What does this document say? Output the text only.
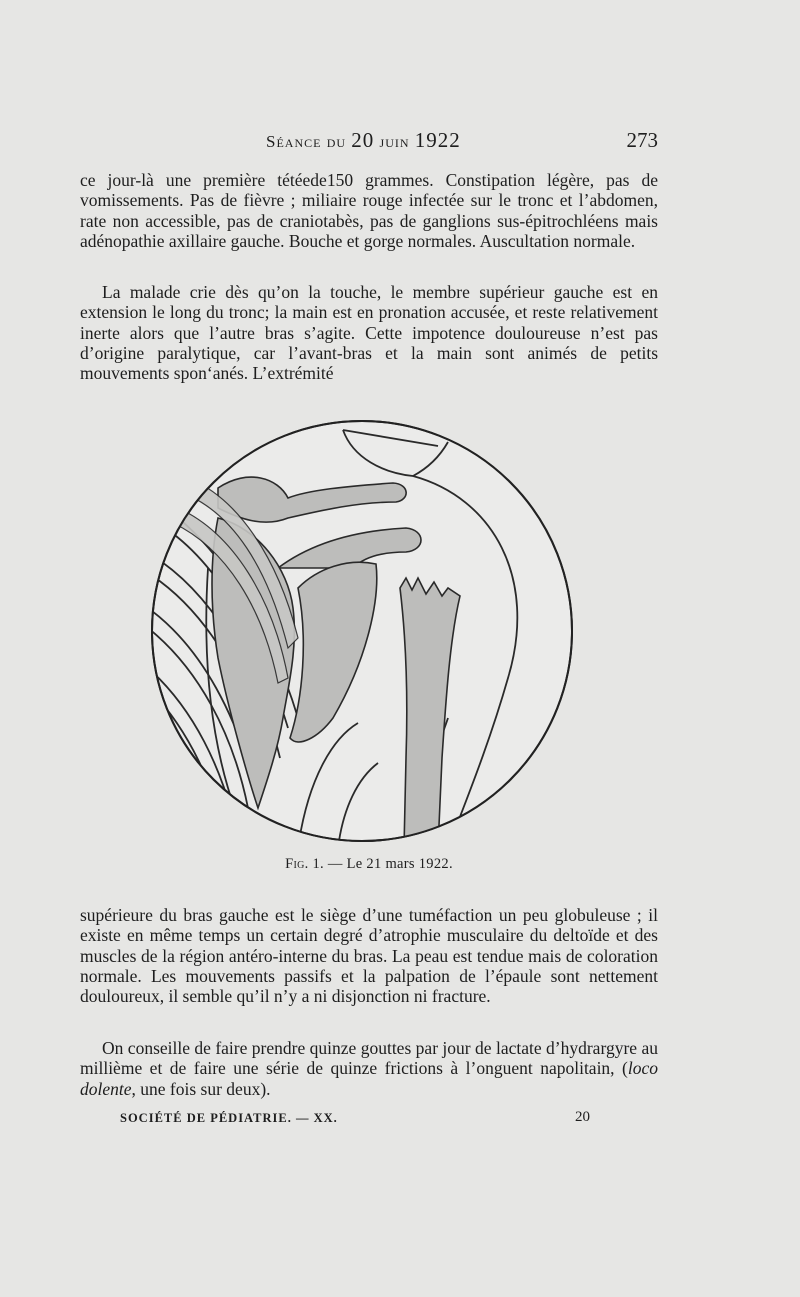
Séance du 20 juin 1922	273

ce jour-là une première tétéede150 grammes. Constipation légère, pas de vomissements. Pas de fièvre ; miliaire rouge infectée sur le tronc et l’abdomen, rate non accessible, pas de craniotabès, pas de ganglions sus-épitrochléens mais adénopathie axillaire gauche. Bouche et gorge normales. Auscultation normale.

La malade crie dès qu’on la touche, le membre supérieur gauche est en extension le long du tronc; la main est en pronation accusée, et reste relativement inerte alors que l’autre bras s’agite. Cette impotence douloureuse n’est pas d’origine paralytique, car l’avant-bras et la main sont animés de petits mouvements spon‘anés. L’extrémité

Fig. 1. — Le 21 mars 1922.

supérieure du bras gauche est le siège d’une tuméfaction un peu globuleuse ; il existe en même temps un certain degré d’atrophie musculaire du deltoïde et des muscles de la région antéro-interne du bras. La peau est tendue mais de coloration normale. Les mouvements passifs et la palpation de l’épaule sont nettement douloureux, il semble qu’il n’y a ni disjonction ni fracture.

On conseille de faire prendre quinze gouttes par jour de lactate d’hydrargyre au millième et de faire une série de quinze frictions à l’onguent napolitain, (loco dolente, une fois sur deux).

SOCIÉTÉ DE PÉDIATRIE. — XX.	20
